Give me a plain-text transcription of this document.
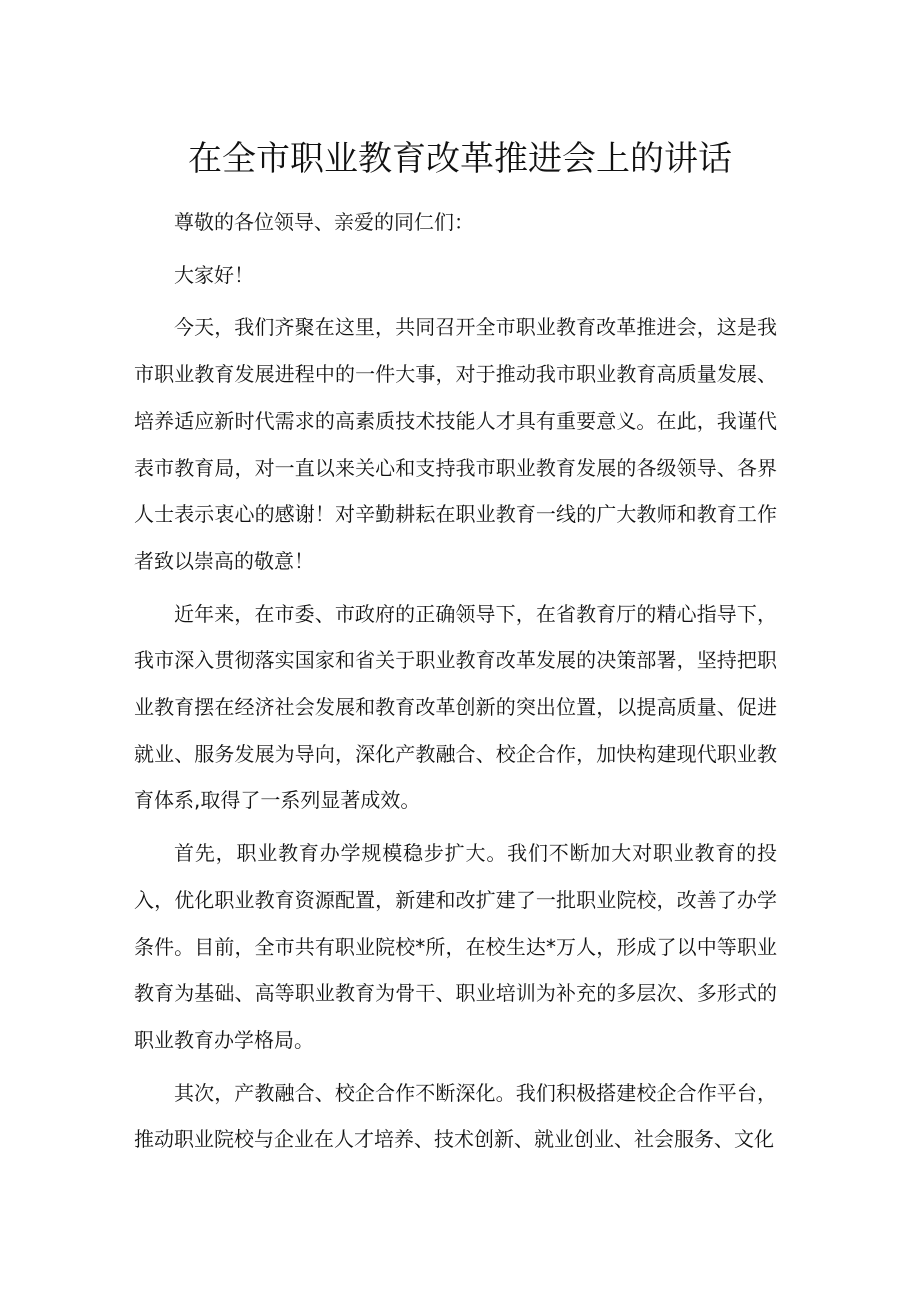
在全市职业教育改革推进会上的讲话

尊敬的各位领导、亲爱的同仁们：

大家好！

今天，我们齐聚在这里，共同召开全市职业教育改革推进会，这是我市职业教育发展进程中的一件大事，对于推动我市职业教育高质量发展、培养适应新时代需求的高素质技术技能人才具有重要意义。在此，我谨代表市教育局，对一直以来关心和支持我市职业教育发展的各级领导、各界人士表示衷心的感谢！对辛勤耕耘在职业教育一线的广大教师和教育工作者致以崇高的敬意！

近年来，在市委、市政府的正确领导下，在省教育厅的精心指导下，我市深入贯彻落实国家和省关于职业教育改革发展的决策部署，坚持把职业教育摆在经济社会发展和教育改革创新的突出位置，以提高质量、促进就业、服务发展为导向，深化产教融合、校企合作，加快构建现代职业教育体系,取得了一系列显著成效。

首先，职业教育办学规模稳步扩大。我们不断加大对职业教育的投入，优化职业教育资源配置，新建和改扩建了一批职业院校，改善了办学条件。目前，全市共有职业院校*所，在校生达*万人，形成了以中等职业教育为基础、高等职业教育为骨干、职业培训为补充的多层次、多形式的职业教育办学格局。

其次，产教融合、校企合作不断深化。我们积极搭建校企合作平台，推动职业院校与企业在人才培养、技术创新、就业创业、社会服务、文化
